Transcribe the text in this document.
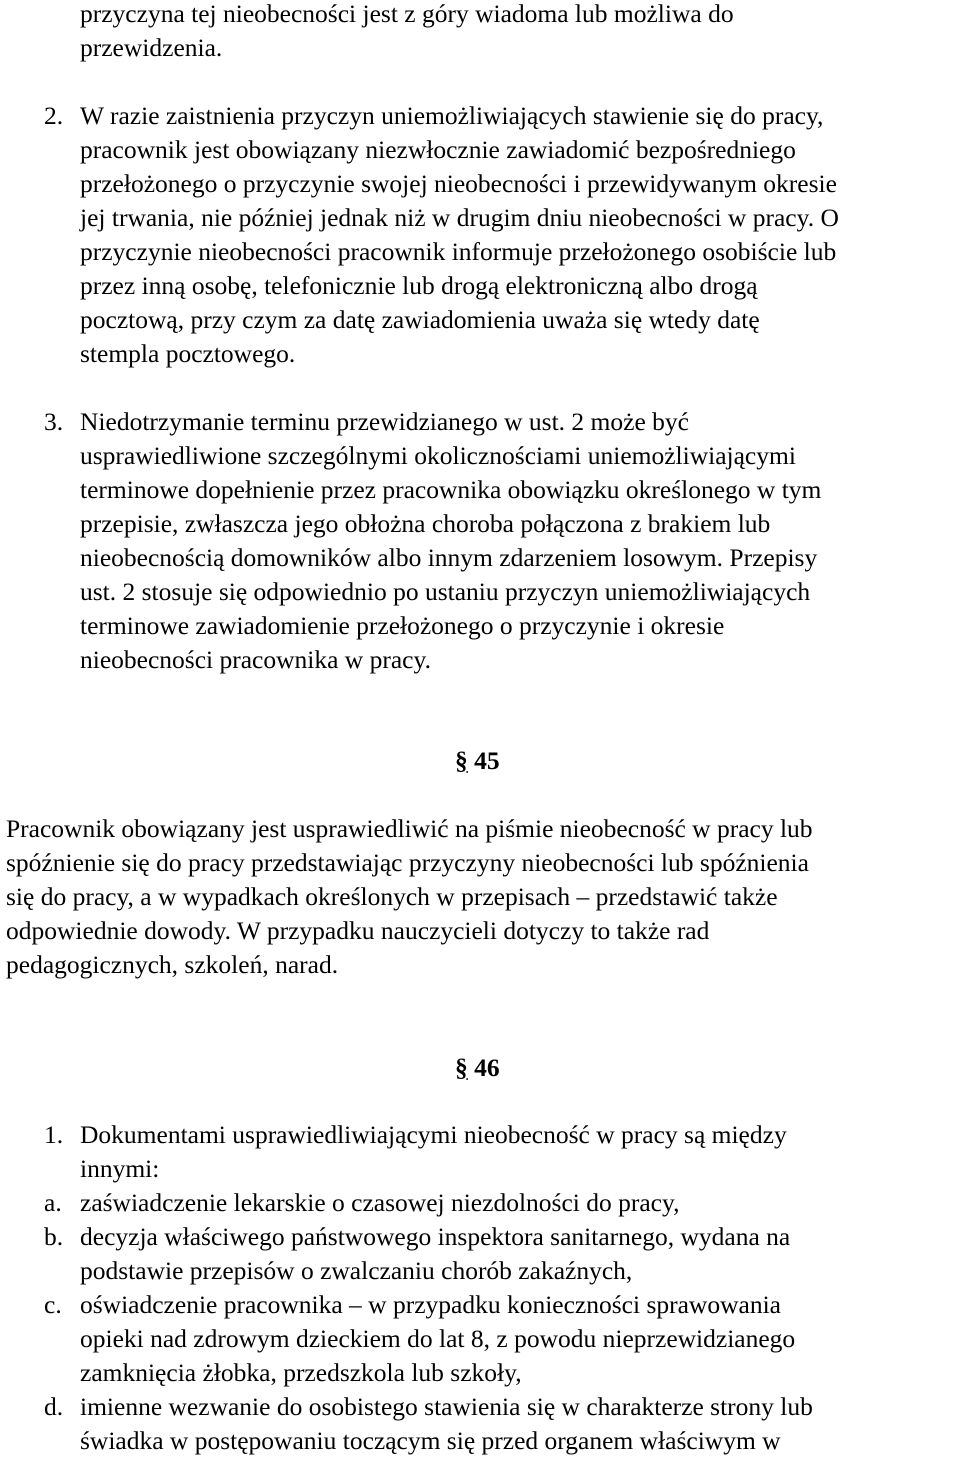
przyczyna tej nieobecności jest z góry wiadoma lub możliwa do
przewidzenia.
2. W razie zaistnienia przyczyn uniemożliwiających stawienie się do pracy,
pracownik jest obowiązany niezwłocznie zawiadomić bezpośredniego
przełożonego o przyczynie swojej nieobecności i przewidywanym okresie
jej trwania, nie później jednak niż w drugim dniu nieobecności w pracy. O
przyczynie nieobecności pracownik informuje przełożonego osobiście lub
przez inną osobę, telefonicznie lub drogą elektroniczną albo drogą
pocztową, przy czym za datę zawiadomienia uważa się wtedy datę
stempla pocztowego.
3. Niedotrzymanie terminu przewidzianego w ust. 2 może być
usprawiedliwione szczególnymi okolicznościami uniemożliwiającymi
terminowe dopełnienie przez pracownika obowiązku określonego w tym
przepisie, zwłaszcza jego obłożna choroba połączona z brakiem lub
nieobecnością domowników albo innym zdarzeniem losowym. Przepisy
ust. 2 stosuje się odpowiednio po ustaniu przyczyn uniemożliwiających
terminowe zawiadomienie przełożonego o przyczynie i okresie
nieobecności pracownika w pracy.
§ 45
Pracownik obowiązany jest usprawiedliwić na piśmie nieobecność w pracy lub
spóźnienie się do pracy przedstawiając przyczyny nieobecności lub spóźnienia
się do pracy, a w wypadkach określonych w przepisach – przedstawić także
odpowiednie dowody. W przypadku nauczycieli dotyczy to także rad
pedagogicznych, szkoleń, narad.
§ 46
1. Dokumentami usprawiedliwiającymi nieobecność w pracy są między
innymi:
a. zaświadczenie lekarskie o czasowej niezdolności do pracy,
b. decyzja właściwego państwowego inspektora sanitarnego, wydana na
podstawie przepisów o zwalczaniu chorób zakaźnych,
c. oświadczenie pracownika – w przypadku konieczności sprawowania
opieki nad zdrowym dzieckiem do lat 8, z powodu nieprzewidzianego
zamknięcia żłobka, przedszkola lub szkoły,
d. imienne wezwanie do osobistego stawienia się w charakterze strony lub
świadka w postępowaniu toczącym się przed organem właściwym w
